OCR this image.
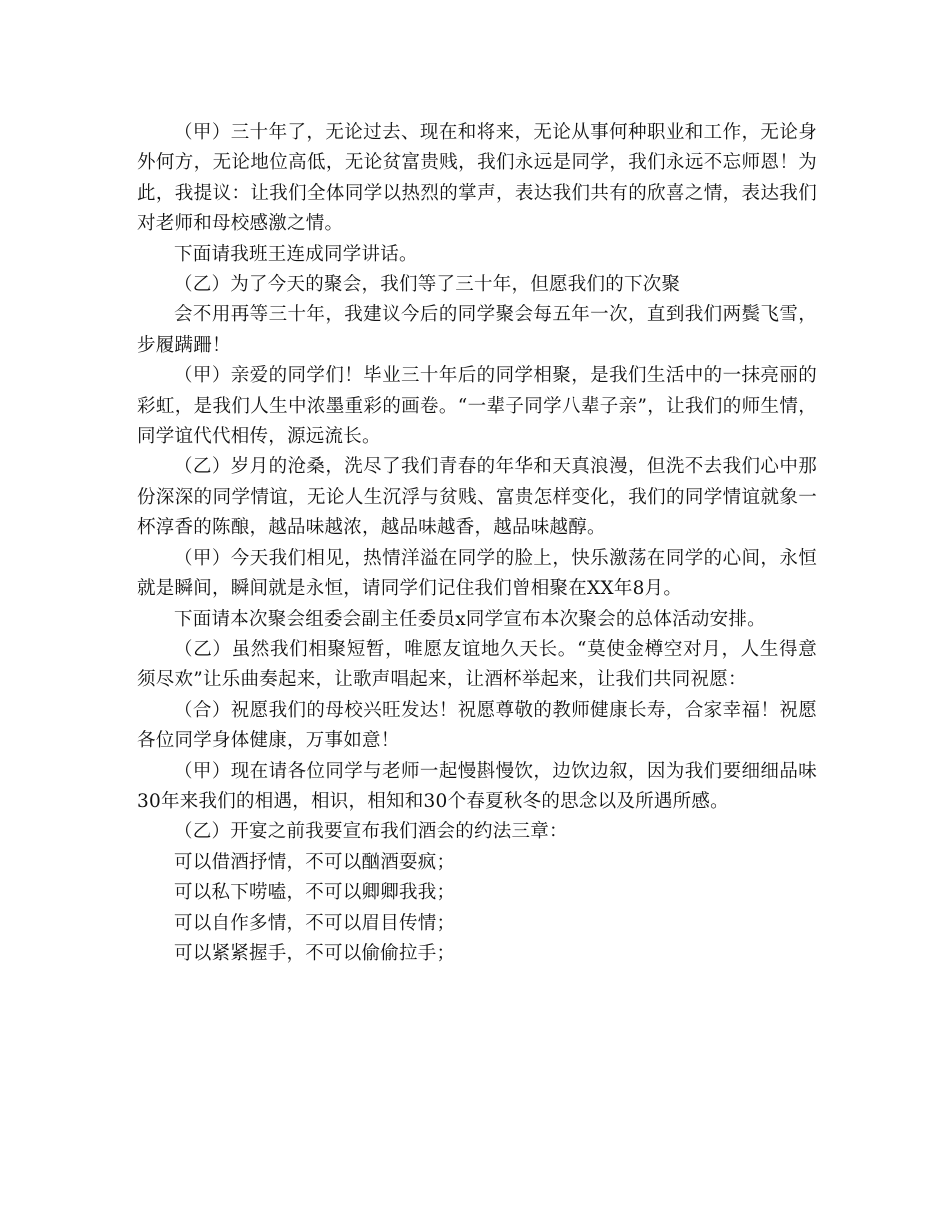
（甲）三十年了，无论过去、现在和将来，无论从事何种职业和工作，无论身外何方，无论地位高低，无论贫富贵贱，我们永远是同学，我们永远不忘师恩！为此，我提议：让我们全体同学以热烈的掌声，表达我们共有的欣喜之情，表达我们对老师和母校感激之情。

下面请我班王连成同学讲话。

（乙）为了今天的聚会，我们等了三十年，但愿我们的下次聚

会不用再等三十年，我建议今后的同学聚会每五年一次，直到我们两鬓飞雪，步履蹒跚！

（甲）亲爱的同学们！毕业三十年后的同学相聚，是我们生活中的一抹亮丽的彩虹，是我们人生中浓墨重彩的画卷。“一辈子同学八辈子亲”，让我们的师生情，同学谊代代相传，源远流长。

（乙）岁月的沧桑，洗尽了我们青春的年华和天真浪漫，但洗不去我们心中那份深深的同学情谊，无论人生沉浮与贫贱、富贵怎样变化，我们的同学情谊就象一杯淳香的陈酿，越品味越浓，越品味越香，越品味越醇。

（甲）今天我们相见，热情洋溢在同学的脸上，快乐激荡在同学的心间，永恒就是瞬间，瞬间就是永恒，请同学们记住我们曾相聚在XX年8月。

下面请本次聚会组委会副主任委员x同学宣布本次聚会的总体活动安排。

（乙）虽然我们相聚短暂，唯愿友谊地久天长。“莫使金樽空对月，人生得意须尽欢”让乐曲奏起来，让歌声唱起来，让酒杯举起来，让我们共同祝愿：

（合）祝愿我们的母校兴旺发达！祝愿尊敬的教师健康长寿，合家幸福！祝愿各位同学身体健康，万事如意！

（甲）现在请各位同学与老师一起慢斟慢饮，边饮边叙，因为我们要细细品味30年来我们的相遇，相识，相知和30个春夏秋冬的思念以及所遇所感。

（乙）开宴之前我要宣布我们酒会的约法三章：

可以借酒抒情，不可以酗酒耍疯；

可以私下唠嗑，不可以卿卿我我；

可以自作多情，不可以眉目传情；

可以紧紧握手，不可以偷偷拉手；
